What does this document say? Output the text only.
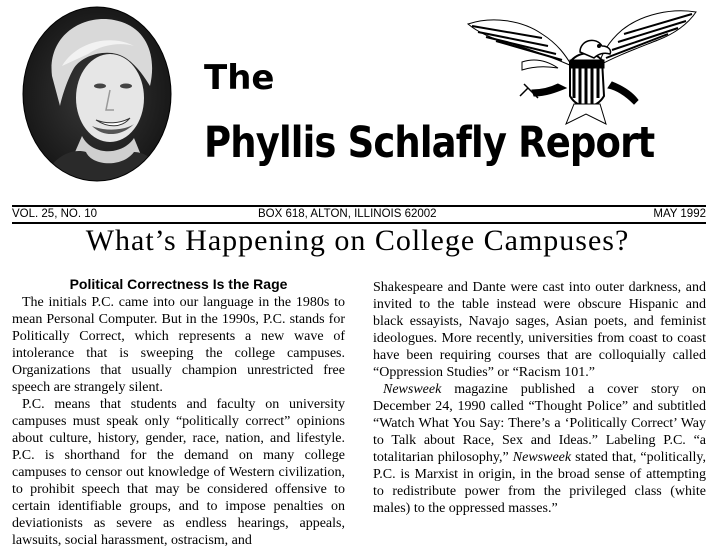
The
Phyllis Schlafly Report
VOL. 25, NO. 10	BOX 618, ALTON, ILLINOIS 62002	MAY 1992
What’s Happening on College Campuses?
Political Correctness Is the Rage

The initials P.C. came into our language in the 1980s to mean Personal Computer. But in the 1990s, P.C. stands for Politically Correct, which represents a new wave of intolerance that is sweeping the college campuses. Organizations that usually champion unrestricted free speech are strangely silent.

P.C. means that students and faculty on university campuses must speak only “politically correct” opinions about culture, history, gender, race, nation, and lifestyle. P.C. is shorthand for the demand on many college campuses to censor out knowledge of Western civilization, to prohibit speech that may be considered offensive to certain identifiable groups, and to impose penalties on deviationists as severe as endless hearings, appeals, lawsuits, social harassment, ostracism, and

Shakespeare and Dante were cast into outer darkness, and invited to the table instead were obscure Hispanic and black essayists, Navajo sages, Asian poets, and feminist ideologues. More recently, universities from coast to coast have been requiring courses that are colloquially called “Oppression Studies” or “Racism 101.”

Newsweek magazine published a cover story on December 24, 1990 called “Thought Police” and subtitled “Watch What You Say: There’s a ‘Politically Correct’ Way to Talk about Race, Sex and Ideas.” Labeling P.C. “a totalitarian philosophy,” Newsweek stated that, “politically, P.C. is Marxist in origin, in the broad sense of attempting to redistribute power from the privileged class (white males) to the oppressed masses.”
